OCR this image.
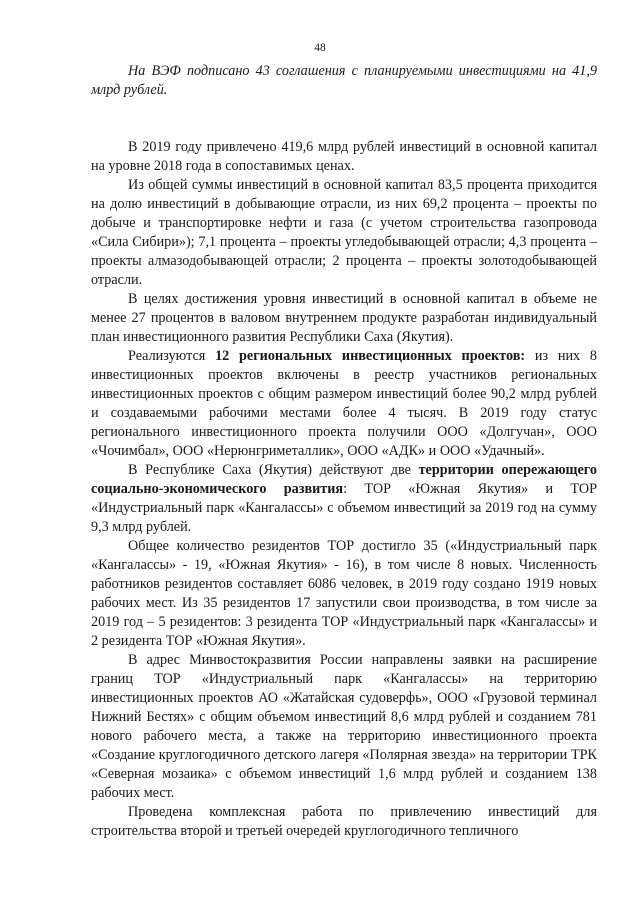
48

На ВЭФ подписано 43 соглашения с планируемыми инвестициями на 41,9 млрд рублей.

В 2019 году привлечено 419,6 млрд рублей инвестиций в основной капитал на уровне 2018 года в сопоставимых ценах.

Из общей суммы инвестиций в основной капитал 83,5 процента приходится на долю инвестиций в добывающие отрасли, из них 69,2 процента – проекты по добыче и транспортировке нефти и газа (с учетом строительства газопровода «Сила Сибири»); 7,1 процента – проекты угледобывающей отрасли; 4,3 процента – проекты алмазодобывающей отрасли; 2 процента – проекты золотодобывающей отрасли.

В целях достижения уровня инвестиций в основной капитал в объеме не менее 27 процентов в валовом внутреннем продукте разработан индивидуальный план инвестиционного развития Республики Саха (Якутия).

Реализуются 12 региональных инвестиционных проектов: из них 8 инвестиционных проектов включены в реестр участников региональных инвестиционных проектов с общим размером инвестиций более 90,2 млрд рублей и создаваемыми рабочими местами более 4 тысяч. В 2019 году статус регионального инвестиционного проекта получили ООО «Долгучан», ООО «Чочимбал», ООО «Нерюнгриметаллик», ООО «АДК» и ООО «Удачный».

В Республике Саха (Якутия) действуют две территории опережающего социально-экономического развития: ТОР «Южная Якутия» и ТОР «Индустриальный парк «Кангалассы» с объемом инвестиций за 2019 год на сумму 9,3 млрд рублей.

Общее количество резидентов ТОР достигло 35 («Индустриальный парк «Кангалассы» - 19, «Южная Якутия» - 16), в том числе 8 новых. Численность работников резидентов составляет 6086 человек, в 2019 году создано 1919 новых рабочих мест. Из 35 резидентов 17 запустили свои производства, в том числе за 2019 год – 5 резидентов: 3 резидента ТОР «Индустриальный парк «Кангалассы» и 2 резидента ТОР «Южная Якутия».

В адрес Минвостокразвития России направлены заявки на расширение границ ТОР «Индустриальный парк «Кангалассы» на территорию инвестиционных проектов АО «Жатайская судоверфь», ООО «Грузовой терминал Нижний Бестях» с общим объемом инвестиций 8,6 млрд рублей и созданием 781 нового рабочего места, а также на территорию инвестиционного проекта «Создание круглогодичного детского лагеря «Полярная звезда» на территории ТРК «Северная мозаика» с объемом инвестиций 1,6 млрд рублей и созданием 138 рабочих мест.

Проведена комплексная работа по привлечению инвестиций для строительства второй и третьей очередей круглогодичного тепличного
